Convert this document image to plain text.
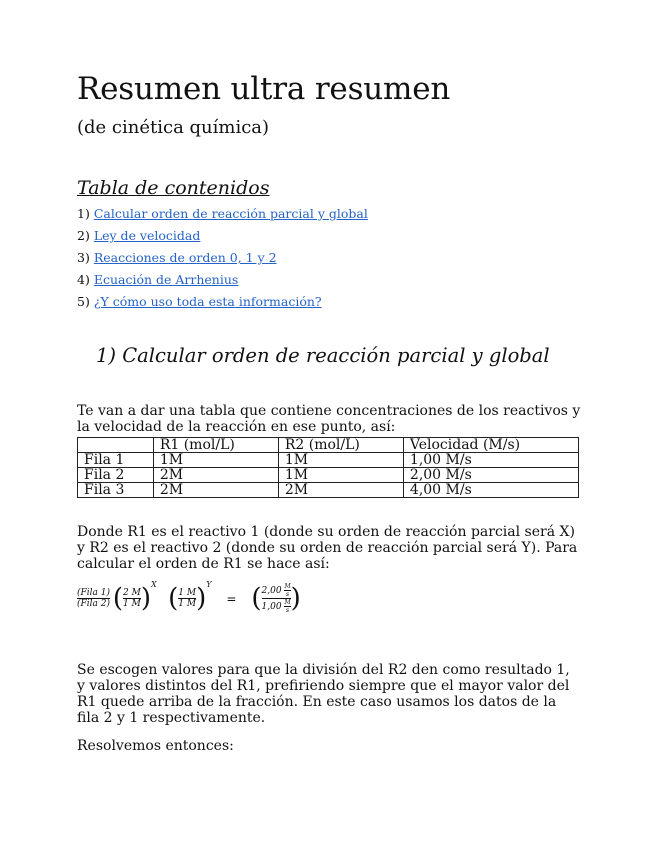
Resumen ultra resumen
(de cinética química)
Tabla de contenidos
1) Calcular orden de reacción parcial y global
2) Ley de velocidad
3) Reacciones de orden 0, 1 y 2
4) Ecuación de Arrhenius
5) ¿Y cómo uso toda esta información?
1) Calcular orden de reacción parcial y global

Te van a dar una tabla que contiene concentraciones de los reactivos y la velocidad de la reacción en ese punto, así:

	R1 (mol/L)	R2 (mol/L)	Velocidad (M/s)
Fila 1	1M	1M	1,00 M/s
Fila 2	2M	1M	2,00 M/s
Fila 3	2M	2M	4,00 M/s

Donde R1 es el reactivo 1 (donde su orden de reacción parcial será X) y R2 es el reactivo 2 (donde su orden de reacción parcial será Y). Para calcular el orden de R1 se hace así:

$\frac{\text{(Fila 1)}}{\text{(Fila 2)}}$ ( $\frac{2 M}{1 M} )X$ ( $\frac{1 M}{1 M} )Y$ = ( $\frac{2,00 \frac{M}{s}}{1,00 \frac{M}{s}}$ )

Se escogen valores para que la división del R2 den como resultado 1, y valores distintos del R1, prefiriendo siempre que el mayor valor del R1 quede arriba de la fracción. En este caso usamos los datos de la fila 2 y 1 respectivamente.

Resolvemos entonces:
